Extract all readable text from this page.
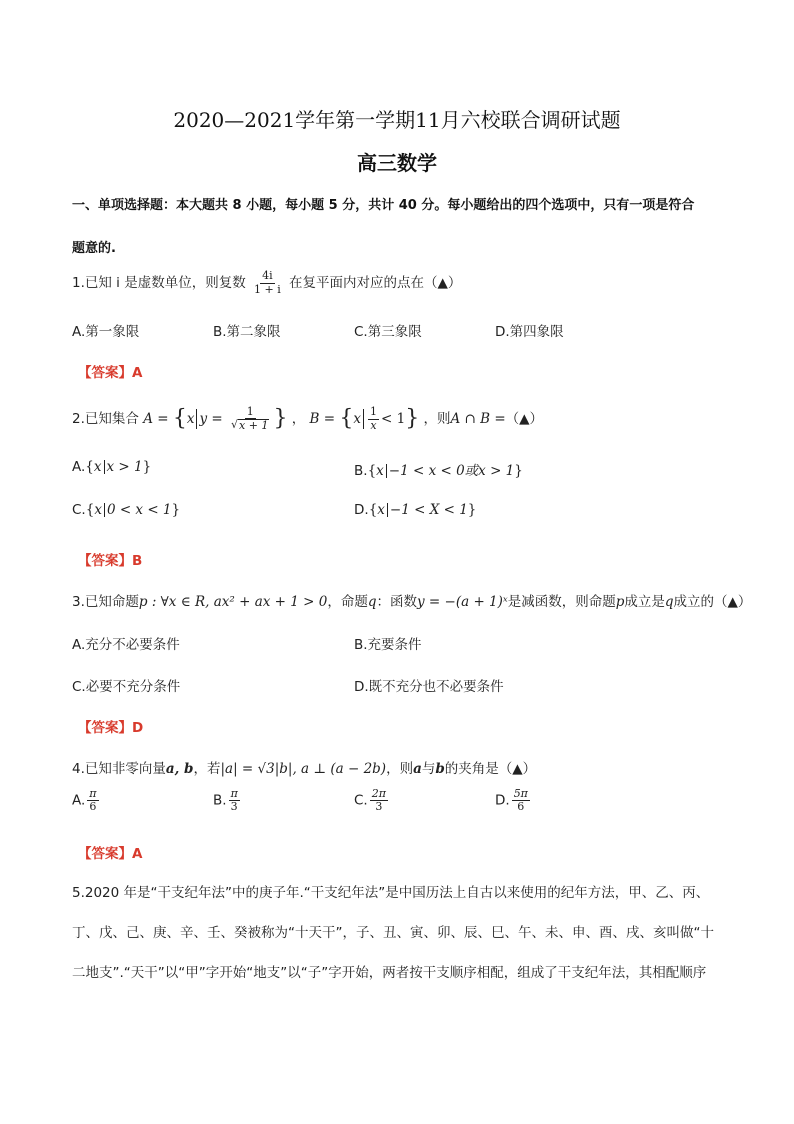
2020—2021学年第一学期11月六校联合调研试题
高三数学
一、单项选择题：本大题共 8 小题，每小题 5 分，共计 40 分。每小题给出的四个选项中，只有一项是符合
题意的.
1.已知 i 是虚数单位，则复数 $\frac{4i}{1 + i}$ 在复平面内对应的点在（▲）
A.第一象限	B.第二象限	C.第三象限	D.第四象限
【答案】A
2.已知集合 A = {x $y = \frac{1}{√ x + 1}$ } ， $B = \{x \frac{1}{x} < 1\}$ ，则A ∩ B =（▲）
A.{x x > 1}	B.{x −1 < x < 0或x > 1}
C.{x 0 < x < 1}	D.{x −1 < X < 1}
【答案】B
3.已知命题p : ∀x ∈ R, ax² + ax + 1 > 0，命题q：函数y = −(a + 1)ˣ是减函数，则命题p成立是q成立的（▲）
A.充分不必要条件	B.充要条件
C.必要不充分条件	D.既不充分也不必要条件
【答案】D
4.已知非零向量a, b，若|a| = √3|b|, a ⊥ (a − 2b)，则a与b的夹角是（▲）
A. $\frac{\pi}{6}$	B. $\frac{\pi}{3}$	C. $\frac{2\pi}{3}$	D. $\frac{5\pi}{6}$
【答案】A
5.2020 年是“干支纪年法”中的庚子年.“干支纪年法”是中国历法上自古以来使用的纪年方法，甲、乙、丙、
丁、戊、己、庚、辛、壬、癸被称为“十天干”，子、丑、寅、卯、辰、巳、午、未、申、酉、戌、亥叫做“十
二地支”.“天干”以“甲”字开始“地支”以“子”字开始，两者按干支顺序相配，组成了干支纪年法，其相配顺序
